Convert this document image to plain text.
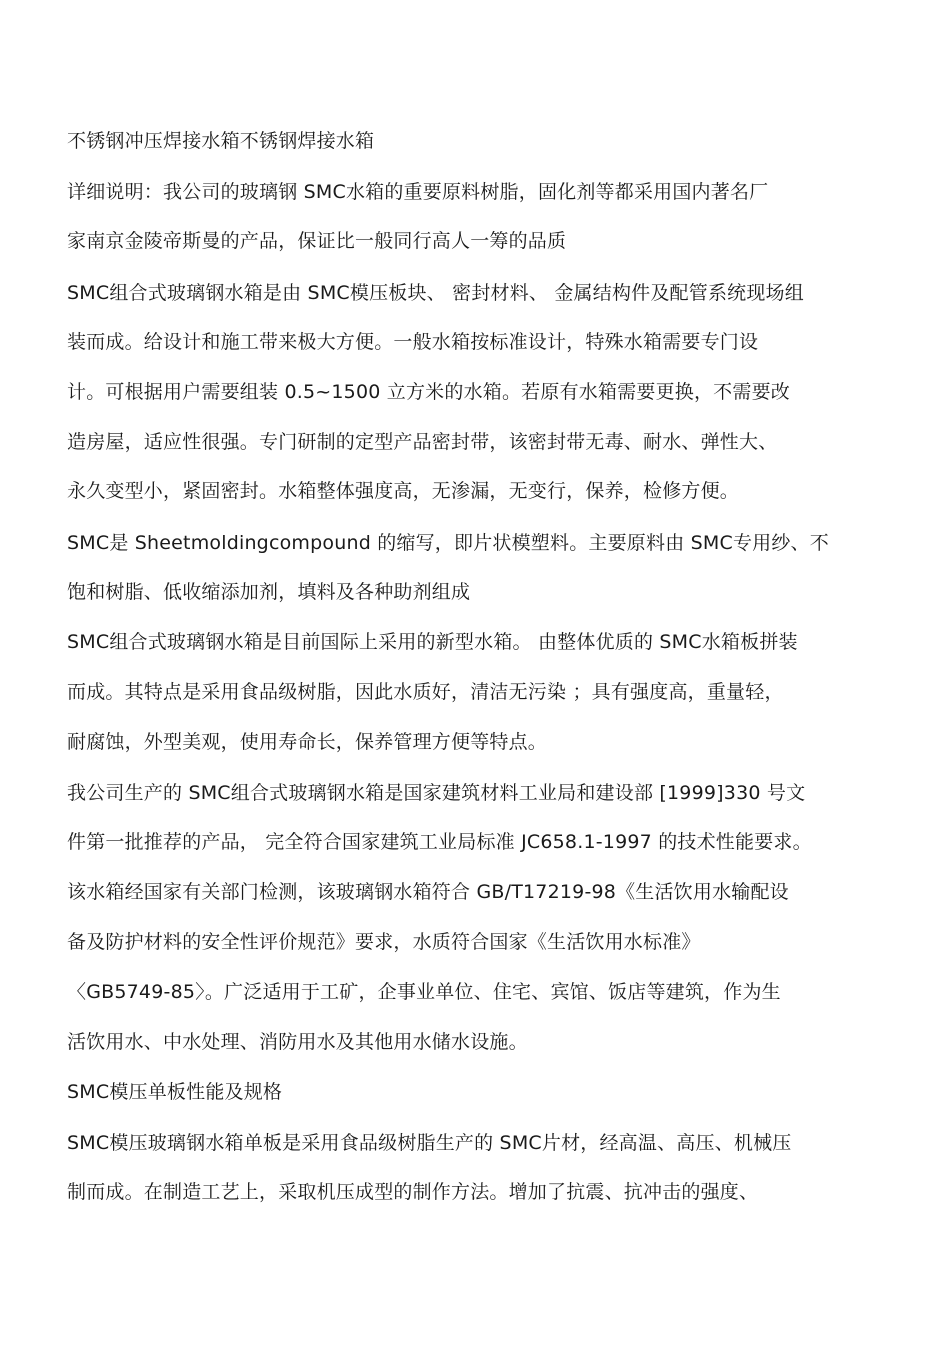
不锈钢冲压焊接水箱不锈钢焊接水箱
详细说明：我公司的玻璃钢 SMC水箱的重要原料树脂，固化剂等都采用国内著名厂
家南京金陵帝斯曼的产品，保证比一般同行高人一筹的品质
SMC组合式玻璃钢水箱是由 SMC模压板块、 密封材料、 金属结构件及配管系统现场组
装而成。给设计和施工带来极大方便。一般水箱按标准设计，特殊水箱需要专门设
计。可根据用户需要组装 0.5~1500 立方米的水箱。若原有水箱需要更换，不需要改
造房屋，适应性很强。专门研制的定型产品密封带，该密封带无毒、耐水、弹性大、
永久变型小，紧固密封。水箱整体强度高，无渗漏，无变行，保养，检修方便。
SMC是 Sheetmoldingcompound 的缩写，即片状模塑料。主要原料由 SMC专用纱、不
饱和树脂、低收缩添加剂，填料及各种助剂组成
SMC组合式玻璃钢水箱是目前国际上采用的新型水箱。 由整体优质的 SMC水箱板拼装
而成。其特点是采用食品级树脂，因此水质好，清洁无污染 ；具有强度高，重量轻，
耐腐蚀，外型美观，使用寿命长，保养管理方便等特点。
我公司生产的 SMC组合式玻璃钢水箱是国家建筑材料工业局和建设部 [1999]330 号文
件第一批推荐的产品， 完全符合国家建筑工业局标准 JC658.1-1997 的技术性能要求。
该水箱经国家有关部门检测，该玻璃钢水箱符合 GB/T17219-98《生活饮用水输配设
备及防护材料的安全性评价规范》要求，水质符合国家《生活饮用水标准》
〈GB5749-85〉。广泛适用于工矿，企事业单位、住宅、宾馆、饭店等建筑，作为生
活饮用水、中水处理、消防用水及其他用水储水设施。
SMC模压单板性能及规格
SMC模压玻璃钢水箱单板是采用食品级树脂生产的 SMC片材，经高温、高压、机械压
制而成。在制造工艺上，采取机压成型的制作方法。增加了抗震、抗冲击的强度、
